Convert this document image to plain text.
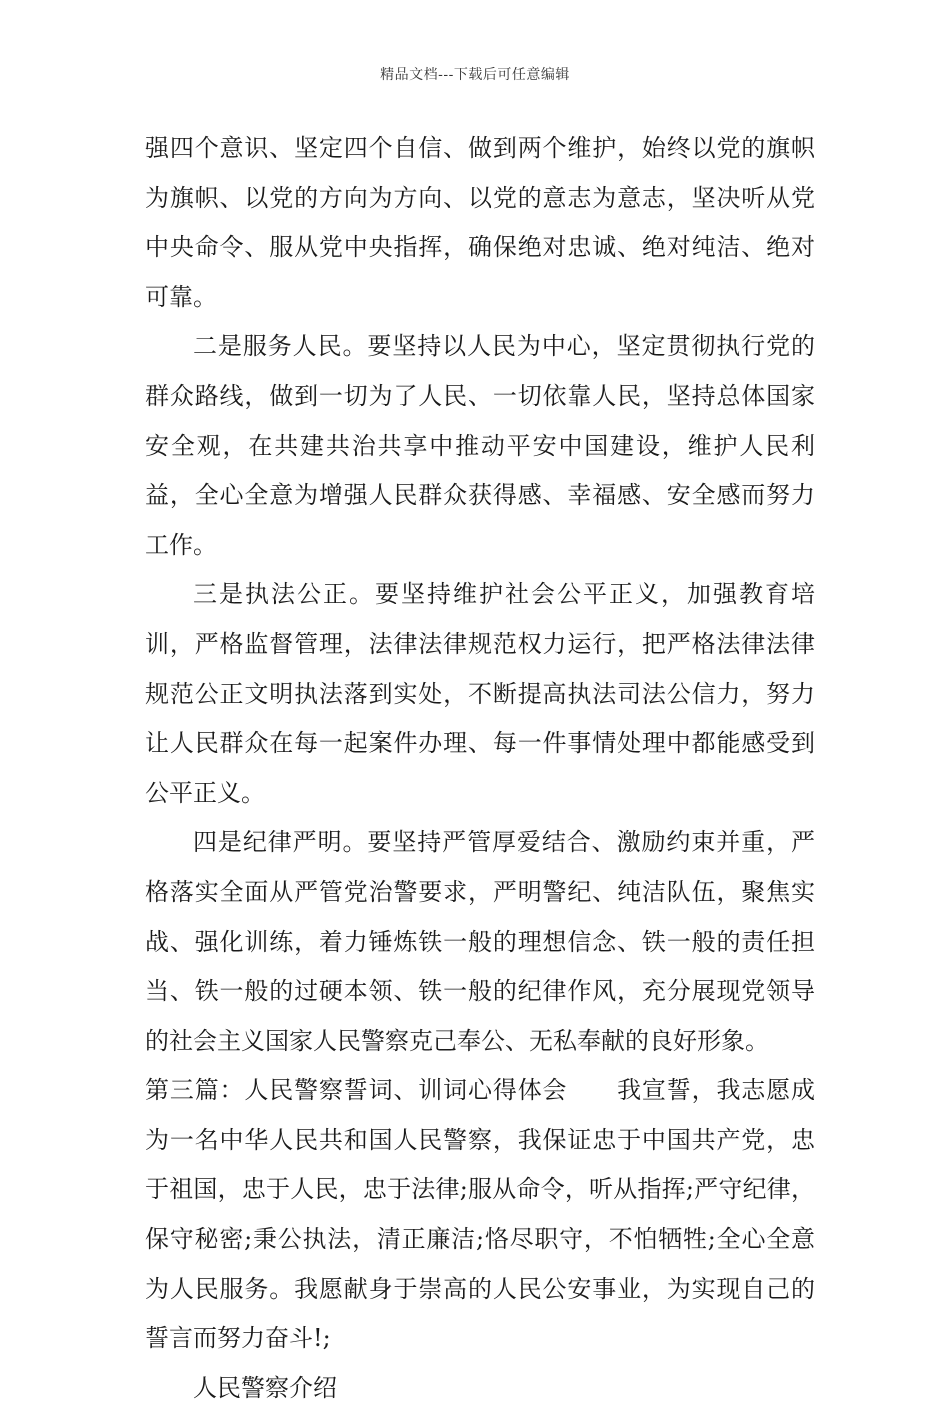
精品文档---下载后可任意编辑

强四个意识、坚定四个自信、做到两个维护，始终以党的旗帜为旗帜、以党的方向为方向、以党的意志为意志，坚决听从党中央命令、服从党中央指挥，确保绝对忠诚、绝对纯洁、绝对可靠。

二是服务人民。要坚持以人民为中心，坚定贯彻执行党的群众路线，做到一切为了人民、一切依靠人民，坚持总体国家安全观，在共建共治共享中推动平安中国建设，维护人民利益，全心全意为增强人民群众获得感、幸福感、安全感而努力工作。

三是执法公正。要坚持维护社会公平正义，加强教育培训，严格监督管理，法律法律规范权力运行，把严格法律法律规范公正文明执法落到实处，不断提高执法司法公信力，努力让人民群众在每一起案件办理、每一件事情处理中都能感受到公平正义。

四是纪律严明。要坚持严管厚爱结合、激励约束并重，严格落实全面从严管党治警要求，严明警纪、纯洁队伍，聚焦实战、强化训练，着力锤炼铁一般的理想信念、铁一般的责任担当、铁一般的过硬本领、铁一般的纪律作风，充分展现党领导的社会主义国家人民警察克己奉公、无私奉献的良好形象。

第三篇：人民警察誓词、训词心得体会　　我宣誓，我志愿成为一名中华人民共和国人民警察，我保证忠于中国共产党，忠于祖国，忠于人民，忠于法律;服从命令，听从指挥;严守纪律，保守秘密;秉公执法，清正廉洁;恪尽职守，不怕牺牲;全心全意为人民服务。我愿献身于崇高的人民公安事业，为实现自己的誓言而努力奋斗!;

人民警察介绍
